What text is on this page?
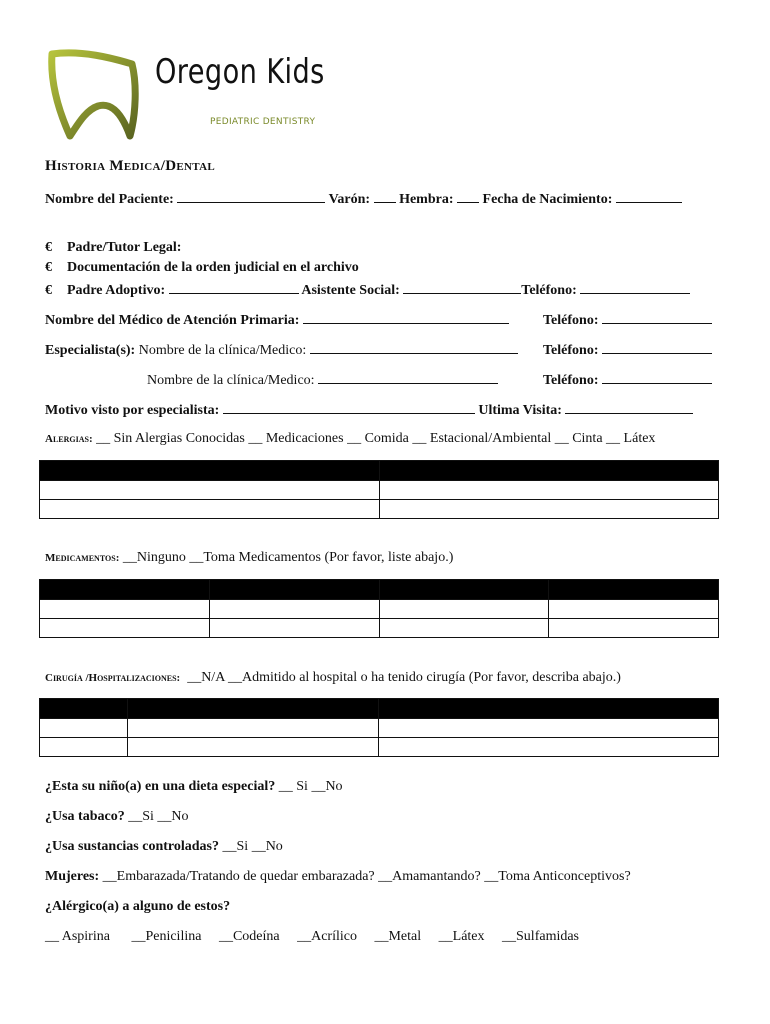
Oregon Kids
PEDIATRIC DENTISTRY
Historia Medica/Dental
Nombre del Paciente:	Varón: Hembra: Fecha de Nacimiento:
€ Padre/Tutor Legal:
€ Documentación de la orden judicial en el archivo
€ Padre Adoptivo:	Asistente Social:	Teléfono:
Nombre del Médico de Atención Primaria:	Teléfono:
Especialista(s): Nombre de la clínica/Medico:	Teléfono:
Nombre de la clínica/Medico:	Teléfono:
Motivo visto por especialista:	Ultima Visita:
Alergias: __ Sin Alergias Conocidas __ Medicaciones __ Comida __ Estacional/Ambiental __ Cinta __ Látex

Medicamentos: __Ninguno __Toma Medicamentos (Por favor, liste abajo.)

Cirugía /Hospitalizaciones:  __N/A __Admitido al hospital o ha tenido cirugía (Por favor, describa abajo.)

¿Esta su niño(a) en una dieta especial? __ Si __No
¿Usa tabaco? __Si __No
¿Usa sustancias controladas? __Si __No
Mujeres: __Embarazada/Tratando de quedar embarazada? __Amamantando? __Toma Anticonceptivos?
¿Alérgico(a) a alguno de estos?
__ Aspirina __Penicilina __Codeína __Acrílico __Metal __Látex __Sulfamidas
